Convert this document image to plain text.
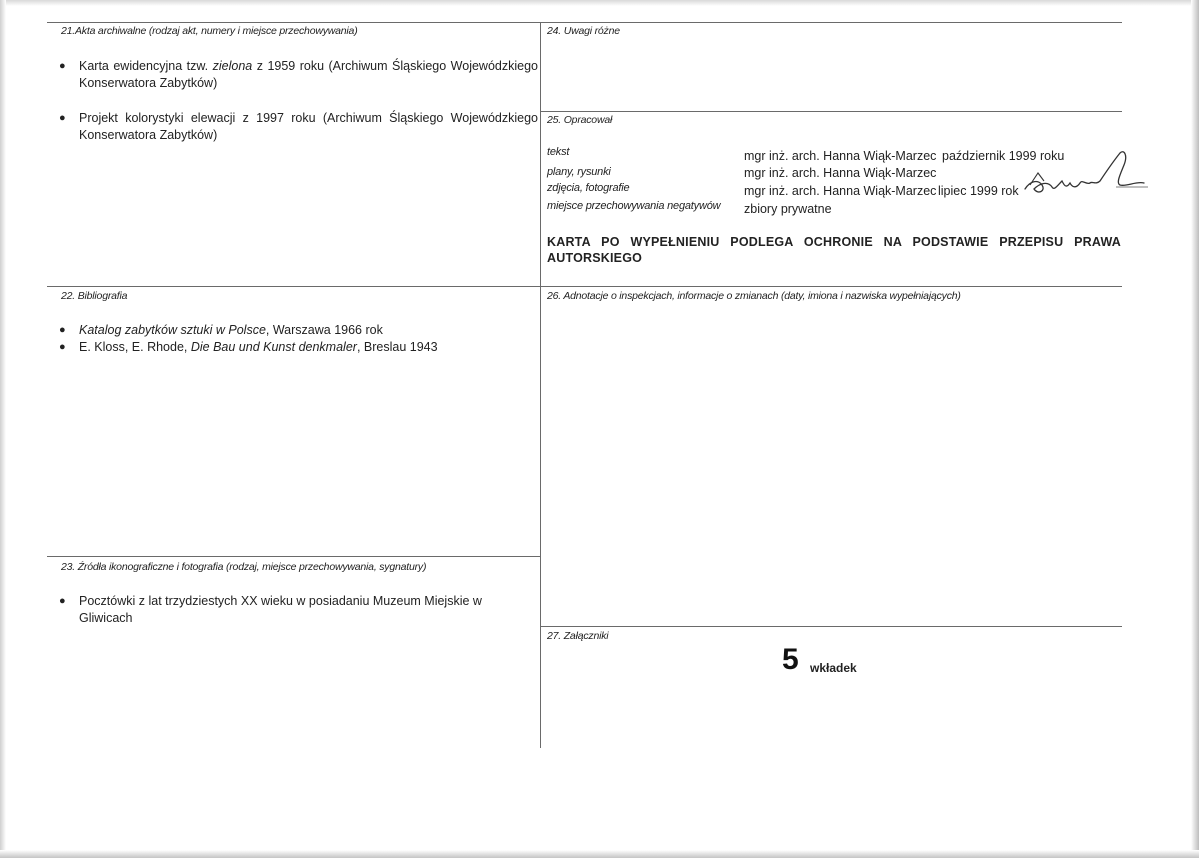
21.Akta archiwalne (rodzaj akt, numery i miejsce przechowywania)
● Karta ewidencyjna tzw. zielona z 1959 roku (Archiwum Śląskiego Wojewódzkiego Konserwatora Zabytków)
● Projekt kolorystyki elewacji z 1997 roku (Archiwum Śląskiego Wojewódzkiego Konserwatora Zabytków)
24. Uwagi różne
25. Opracował
tekst
plany, rysunki
zdjęcia, fotografie
miejsce przechowywania negatywów
mgr inż. arch. Hanna Wiąk-Marzec
mgr inż. arch. Hanna Wiąk-Marzec
mgr inż. arch. Hanna Wiąk-Marzec
zbiory prywatne
październik 1999 roku
lipiec 1999 rok
KARTA PO WYPEŁNIENIU PODLEGA OCHRONIE NA PODSTAWIE PRZEPISU PRAWA AUTORSKIEGO
22. Bibliografia
● Katalog zabytków sztuki w Polsce, Warszawa 1966 rok
● E. Kloss, E. Rhode, Die Bau und Kunst denkmaler, Breslau 1943
26. Adnotacje o inspekcjach, informacje o zmianach (daty, imiona i nazwiska wypełniających)
23. Źródła ikonograficzne i fotografia (rodzaj, miejsce przechowywania, sygnatury)
● Pocztówki z lat trzydziestych XX wieku w posiadaniu Muzeum Miejskie w Gliwicach
27. Załączniki
5 wkładek
